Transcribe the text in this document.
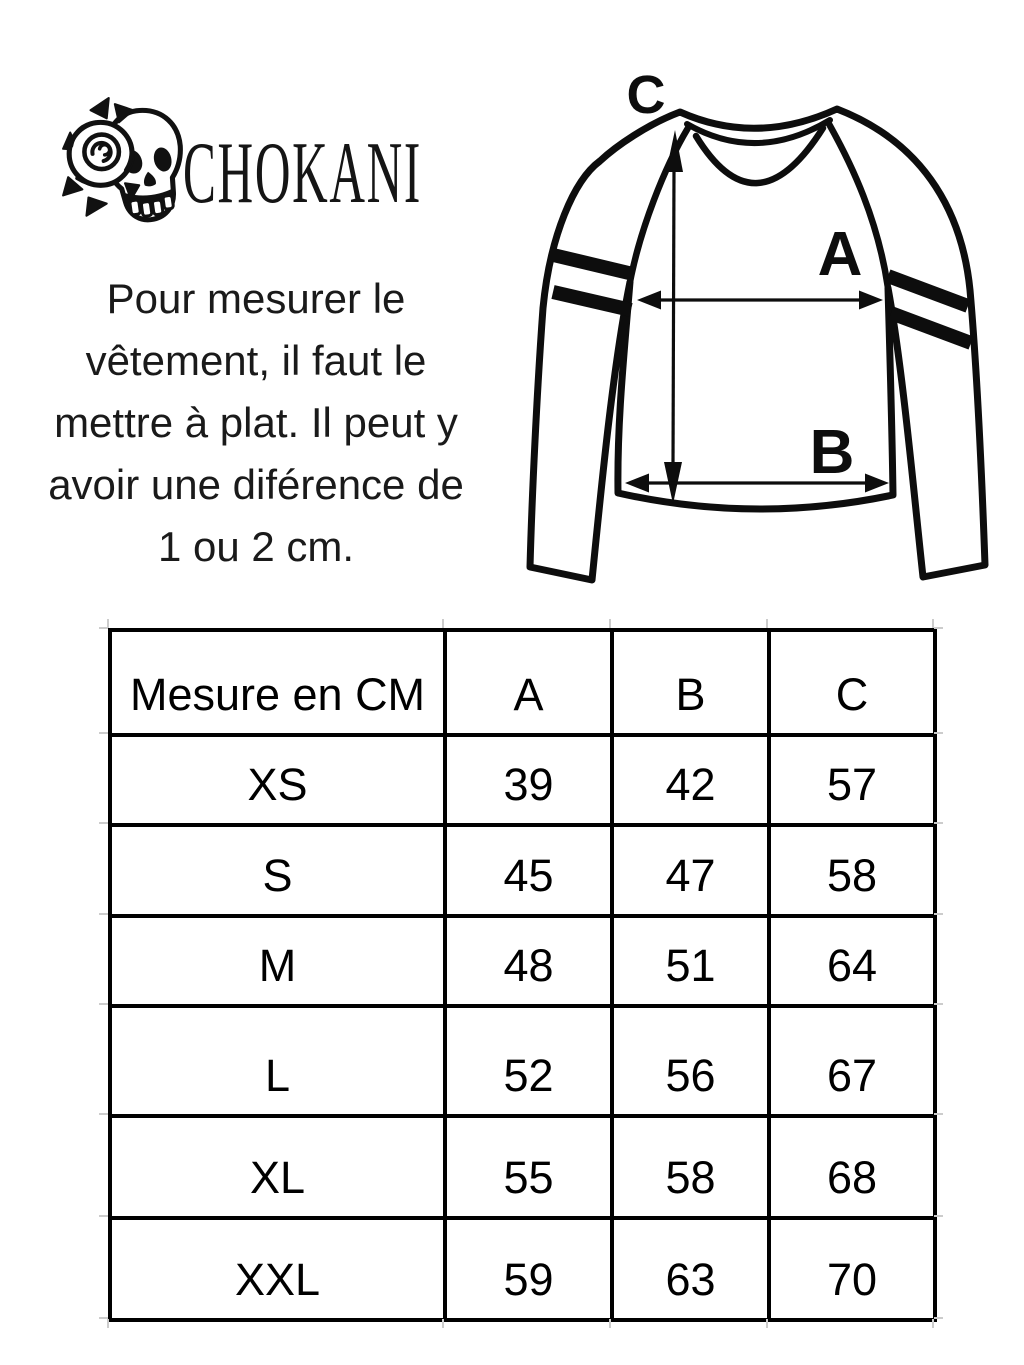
CHOKANI
Pour mesurer le
vêtement, il faut le
mettre à plat. Il peut y
avoir une diférence de
1 ou 2 cm.
C
A
B
Mesure en CM	A	B	C
XS	39	42	57
S	45	47	58
M	48	51	64
L	52	56	67
XL	55	58	68
XXL	59	63	70
